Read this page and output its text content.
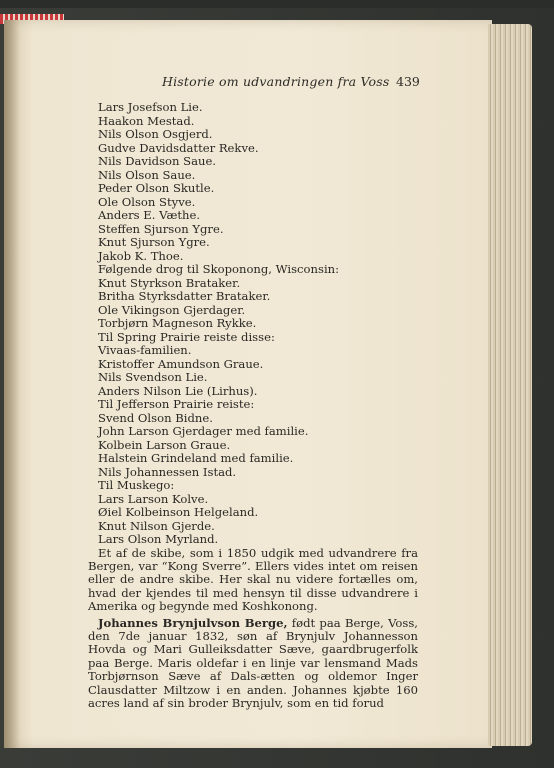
Historie om udvandringen fra Voss 439
Lars Josefson Lie.
Haakon Mestad.
Nils Olson Osgjerd.
Gudve Davidsdatter Rekve.
Nils Davidson Saue.
Nils Olson Saue.
Peder Olson Skutle.
Ole Olson Styve.
Anders E. Væthe.
Steffen Sjurson Ygre.
Knut Sjurson Ygre.
Jakob K. Thoe.
Følgende drog til Skoponong, Wisconsin:
Knut Styrkson Brataker.
Britha Styrksdatter Brataker.
Ole Vikingson Gjerdager.
Torbjørn Magneson Rykke.
Til Spring Prairie reiste disse:
Vivaas-familien.
Kristoffer Amundson Graue.
Nils Svendson Lie.
Anders Nilson Lie (Lirhus).
Til Jefferson Prairie reiste:
Svend Olson Bidne.
John Larson Gjerdager med familie.
Kolbein Larson Graue.
Halstein Grindeland med familie.
Nils Johannessen Istad.
Til Muskego:
Lars Larson Kolve.
Øiel Kolbeinson Helgeland.
Knut Nilson Gjerde.
Lars Olson Myrland.
Et af de skibe, som i 1850 udgik med udvandrere fra Bergen, var “Kong Sverre”. Ellers vides intet om reisen eller de andre skibe. Her skal nu videre fortælles om, hvad der kjendes til med hensyn til disse udvandrere i Amerika og begynde med Koshkonong.
Johannes Brynjulvson Berge, født paa Berge, Voss, den 7de januar 1832, søn af Brynjulv Johannesson Hovda og Mari Gulleiksdatter Sæve, gaardbrugerfolk paa Berge. Maris oldefar i en linje var lensmand Mads Torbjørnson Sæve af Dals-ætten og oldemor Inger Clausdatter Miltzow i en anden. Johannes kjøbte 160 acres land af sin broder Brynjulv, som en tid forud
